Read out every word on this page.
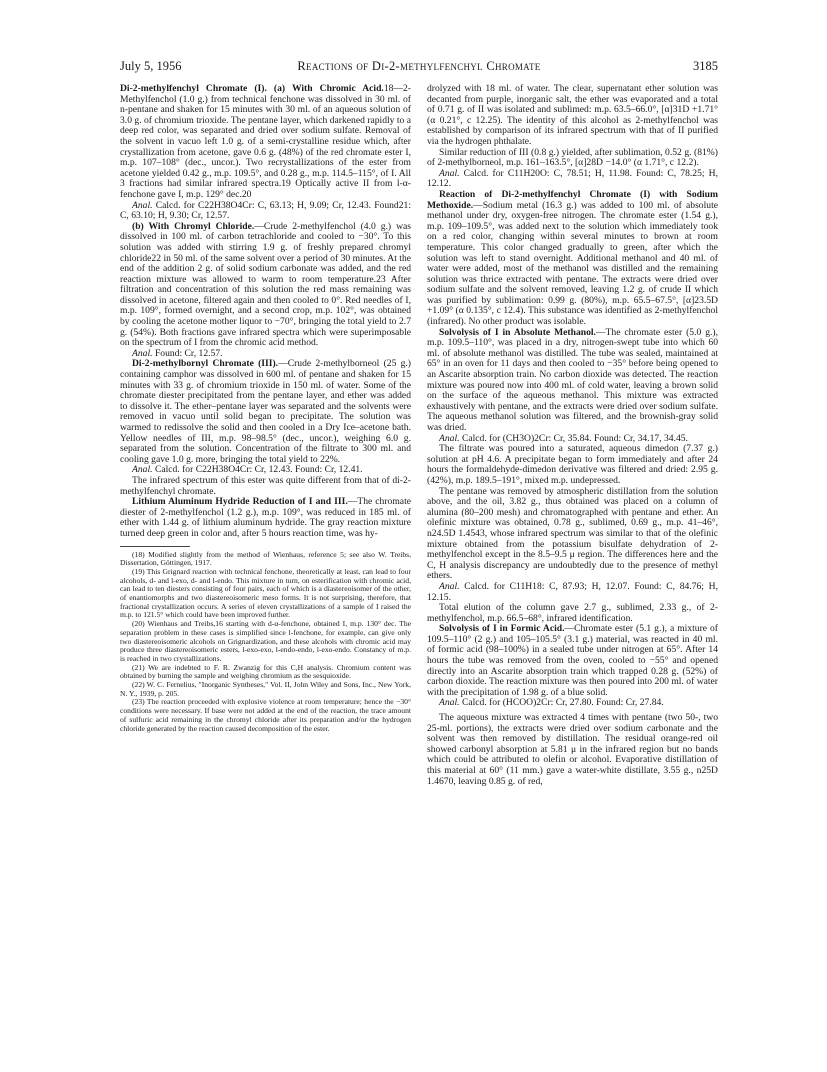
July 5, 1956	Reactions of Di-2-methylfenchyl Chromate	3185

Di-2-methylfenchyl Chromate (I). (a) With Chromic Acid.18—2-Methylfenchol (1.0 g.) from technical fenchone was dissolved in 30 ml. of n-pentane and shaken for 15 minutes with 30 ml. of an aqueous solution of 3.0 g. of chromium trioxide. The pentane layer, which darkened rapidly to a deep red color, was separated and dried over sodium sulfate. Removal of the solvent in vacuo left 1.0 g. of a semi-crystalline residue which, after crystallization from acetone, gave 0.6 g. (48%) of the red chromate ester I, m.p. 107–108° (dec., uncor.). Two recrystallizations of the ester from acetone yielded 0.42 g., m.p. 109.5°, and 0.28 g., m.p. 114.5–115°, of I. All 3 fractions had similar infrared spectra.19 Optically active II from l-α-fenchone gave I, m.p. 129° dec.20

Anal. Calcd. for C22H38O4Cr: C, 63.13; H, 9.09; Cr, 12.43. Found21: C, 63.10; H, 9.30; Cr, 12.57.

(b) With Chromyl Chloride.—Crude 2-methylfenchol (4.0 g.) was dissolved in 100 ml. of carbon tetrachloride and cooled to −30°. To this solution was added with stirring 1.9 g. of freshly prepared chromyl chloride22 in 50 ml. of the same solvent over a period of 30 minutes. At the end of the addition 2 g. of solid sodium carbonate was added, and the red reaction mixture was allowed to warm to room temperature.23 After filtration and concentration of this solution the red mass remaining was dissolved in acetone, filtered again and then cooled to 0°. Red needles of I, m.p. 109°, formed overnight, and a second crop, m.p. 102°, was obtained by cooling the acetone mother liquor to −70°, bringing the total yield to 2.7 g. (54%). Both fractions gave infrared spectra which were superimposable on the spectrum of I from the chromic acid method.

Anal. Found: Cr, 12.57.

Di-2-methylbornyl Chromate (III).—Crude 2-methylborneol (25 g.) containing camphor was dissolved in 600 ml. of pentane and shaken for 15 minutes with 33 g. of chromium trioxide in 150 ml. of water. Some of the chromate diester precipitated from the pentane layer, and ether was added to dissolve it. The ether–pentane layer was separated and the solvents were removed in vacuo until solid began to precipitate. The solution was warmed to redissolve the solid and then cooled in a Dry Ice–acetone bath. Yellow needles of III, m.p. 98–98.5° (dec., uncor.), weighing 6.0 g. separated from the solution. Concentration of the filtrate to 300 ml. and cooling gave 1.0 g. more, bringing the total yield to 22%.

Anal. Calcd. for C22H38O4Cr: Cr, 12.43. Found: Cr, 12.41.

The infrared spectrum of this ester was quite different from that of di-2-methylfenchyl chromate.

Lithium Aluminum Hydride Reduction of I and III.—The chromate diester of 2-methylfenchol (1.2 g.), m.p. 109°, was reduced in 185 ml. of ether with 1.44 g. of lithium aluminum hydride. The gray reaction mixture turned deep green in color and, after 5 hours reaction time, was hy-

(18) Modified slightly from the method of Wienhaus, reference 5; see also W. Treibs, Dissertation, Göttingen, 1917.

(19) This Grignard reaction with technical fenchone, theoretically at least, can lead to four alcohols, d- and l-exo, d- and l-endo. This mixture in turn, on esterification with chromic acid, can lead to ten diesters consisting of four pairs, each of which is a diastereoisomer of the other, of enantiomorphs and two diastereoisomeric meso forms. It is not surprising, therefore, that fractional crystallization occurs. A series of eleven crystallizations of a sample of I raised the m.p. to 121.5° which could have been improved further.

(20) Wienhaus and Treibs,16 starting with d-α-fenchone, obtained I, m.p. 130° dec. The separation problem in these cases is simplified since l-fenchone, for example, can give only two diastereoisomeric alcohols on Grignardization, and these alcohols with chromic acid may produce three diastereoisomeric esters, l-exo-exo, l-endo-endo, l-exo-endo. Constancy of m.p. is reached in two crystallizations.

(21) We are indebted to F. R. Zwanzig for this C,H analysis. Chromium content was obtained by burning the sample and weighing chromium as the sesquioxide.

(22) W. C. Fernelius, "Inorganic Syntheses," Vol. II, John Wiley and Sons, Inc., New York, N. Y., 1939, p. 205.

(23) The reaction proceeded with explosive violence at room temperature; hence the −30° conditions were necessary. If base were not added at the end of the reaction, the trace amount of sulfuric acid remaining in the chromyl chloride after its preparation and/or the hydrogen chloride generated by the reaction caused decomposition of the ester.

drolyzed with 18 ml. of water. The clear, supernatant ether solution was decanted from purple, inorganic salt, the ether was evaporated and a total of 0.71 g. of II was isolated and sublimed: m.p. 63.5–66.0°, [α]31D +1.71° (α 0.21°, c 12.25). The identity of this alcohol as 2-methylfenchol was established by comparison of its infrared spectrum with that of II purified via the hydrogen phthalate.

Similar reduction of III (0.8 g.) yielded, after sublimation, 0.52 g. (81%) of 2-methylborneol, m.p. 161–163.5°, [α]28D −14.0° (α 1.71°, c 12.2).

Anal. Calcd. for C11H20O: C, 78.51; H, 11.98. Found: C, 78.25; H, 12.12.

Reaction of Di-2-methylfenchyl Chromate (I) with Sodium Methoxide.—Sodium metal (16.3 g.) was added to 100 ml. of absolute methanol under dry, oxygen-free nitrogen. The chromate ester (1.54 g.), m.p. 109–109.5°, was added next to the solution which immediately took on a red color, changing within several minutes to brown at room temperature. This color changed gradually to green, after which the solution was left to stand overnight. Additional methanol and 40 ml. of water were added, most of the methanol was distilled and the remaining solution was thrice extracted with pentane. The extracts were dried over sodium sulfate and the solvent removed, leaving 1.2 g. of crude II which was purified by sublimation: 0.99 g. (80%), m.p. 65.5–67.5°, [α]23.5D +1.09° (α 0.135°, c 12.4). This substance was identified as 2-methylfenchol (infrared). No other product was isolable.

Solvolysis of I in Absolute Methanol.—The chromate ester (5.0 g.), m.p. 109.5–110°, was placed in a dry, nitrogen-swept tube into which 60 ml. of absolute methanol was distilled. The tube was sealed, maintained at 65° in an oven for 11 days and then cooled to −35° before being opened to an Ascarite absorption train. No carbon dioxide was detected. The reaction mixture was poured now into 400 ml. of cold water, leaving a brown solid on the surface of the aqueous methanol. This mixture was extracted exhaustively with pentane, and the extracts were dried over sodium sulfate. The aqueous methanol solution was filtered, and the brownish-gray solid was dried.

Anal. Calcd. for (CH3O)2Cr: Cr, 35.84. Found: Cr, 34.17, 34.45.

The filtrate was poured into a saturated, aqueous dimedon (7.37 g.) solution at pH 4.6. A precipitate began to form immediately and after 24 hours the formaldehyde-dimedon derivative was filtered and dried: 2.95 g. (42%), m.p. 189.5–191°, mixed m.p. undepressed.

The pentane was removed by atmospheric distillation from the solution above, and the oil, 3.82 g., thus obtained was placed on a column of alumina (80–200 mesh) and chromatographed with pentane and ether. An olefinic mixture was obtained, 0.78 g., sublimed, 0.69 g., m.p. 41–46°, n24.5D 1.4543, whose infrared spectrum was similar to that of the olefinic mixture obtained from the potassium bisulfate dehydration of 2-methylfenchol except in the 8.5–9.5 μ region. The differences here and the C, H analysis discrepancy are undoubtedly due to the presence of methyl ethers.

Anal. Calcd. for C11H18: C, 87.93; H, 12.07. Found: C, 84.76; H, 12.15.

Total elution of the column gave 2.7 g., sublimed, 2.33 g., of 2-methylfenchol, m.p. 66.5–68°, infrared identification.

Solvolysis of I in Formic Acid.—Chromate ester (5.1 g.), a mixture of 109.5–110° (2 g.) and 105–105.5° (3.1 g.) material, was reacted in 40 ml. of formic acid (98–100%) in a sealed tube under nitrogen at 65°. After 14 hours the tube was removed from the oven, cooled to −55° and opened directly into an Ascarite absorption train which trapped 0.28 g. (52%) of carbon dioxide. The reaction mixture was then poured into 200 ml. of water with the precipitation of 1.98 g. of a blue solid.

Anal. Calcd. for (HCOO)2Cr: Cr, 27.80. Found: Cr, 27.84.

The aqueous mixture was extracted 4 times with pentane (two 50-, two 25-ml. portions), the extracts were dried over sodium carbonate and the solvent was then removed by distillation. The residual orange-red oil showed carbonyl absorption at 5.81 μ in the infrared region but no bands which could be attributed to olefin or alcohol. Evaporative distillation of this material at 60° (11 mm.) gave a water-white distillate, 3.55 g., n25D 1.4670, leaving 0.85 g. of red,
